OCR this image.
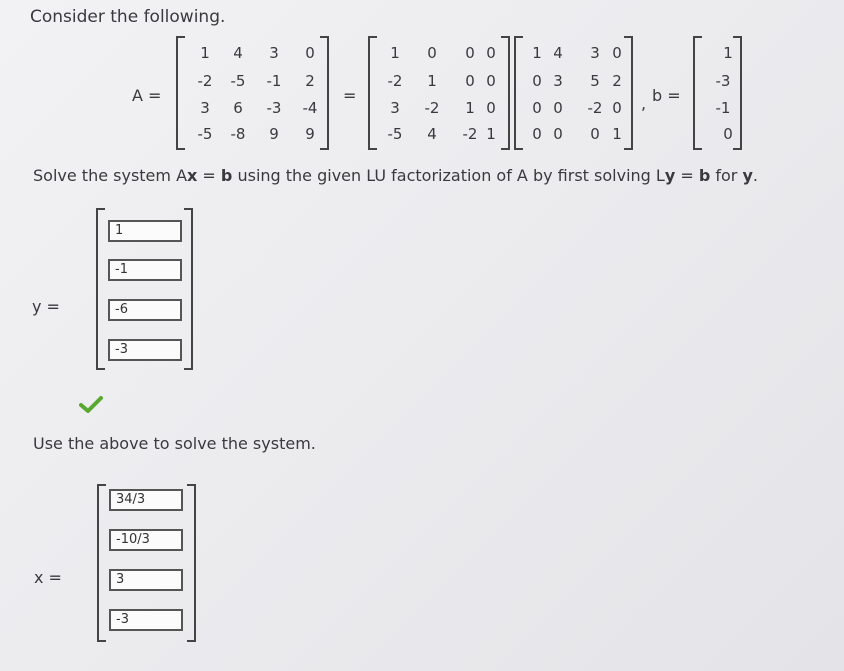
Consider the following.
A =
1	4	3	0
-2	-5	-1	2
3	6	-3	-4
-5	-8	9	9
=
1	0	0 0
-2	1	0 0
3	-2	1 0
-5	4	-2 1
1 4	3 0
0 3	5 2
0 0	-2 0
0 0	0 1
, b =
1
-3
-1
0
Solve the system Ax = b using the given LU factorization of A by first solving Ly = b for y.
y =
1
-1
-6
-3
Use the above to solve the system.
x =
34/3
-10/3
3
-3
